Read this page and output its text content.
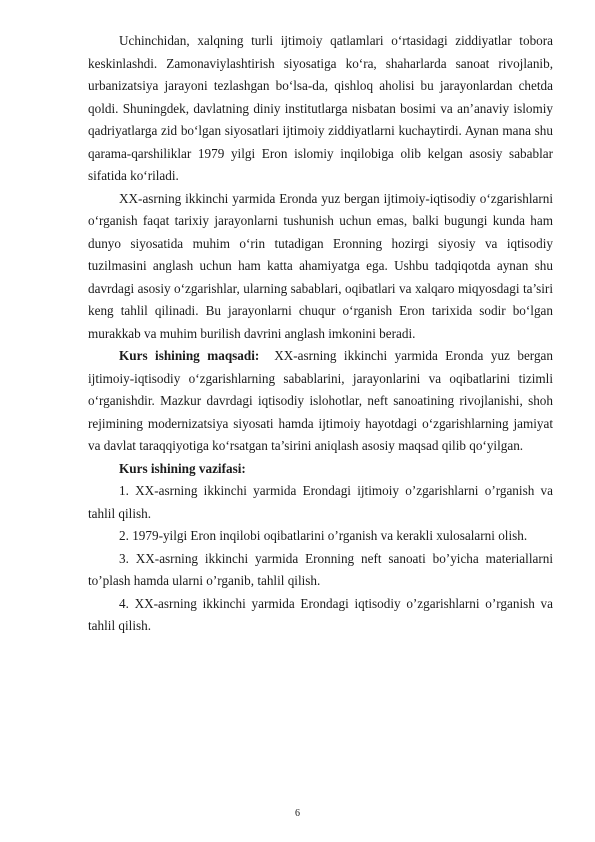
Uchinchidan, xalqning turli ijtimoiy qatlamlari o‘rtasidagi ziddiyatlar tobora keskinlashdi. Zamonaviylashtirish siyosatiga ko‘ra, shaharlarda sanoat rivojlanib, urbanizatsiya jarayoni tezlashgan bo‘lsa-da, qishloq aholisi bu jarayonlardan chetda qoldi. Shuningdek, davlatning diniy institutlarga nisbatan bosimi va an’anaviy islomiy qadriyatlarga zid bo‘lgan siyosatlari ijtimoiy ziddiyatlarni kuchaytirdi. Aynan mana shu qarama-qarshiliklar 1979 yilgi Eron islomiy inqilobiga olib kelgan asosiy sabablar sifatida ko‘riladi.

XX-asrning ikkinchi yarmida Eronda yuz bergan ijtimoiy-iqtisodiy o‘zgarishlarni o‘rganish faqat tarixiy jarayonlarni tushunish uchun emas, balki bugungi kunda ham dunyo siyosatida muhim o‘rin tutadigan Eronning hozirgi siyosiy va iqtisodiy tuzilmasini anglash uchun ham katta ahamiyatga ega. Ushbu tadqiqotda aynan shu davrdagi asosiy o‘zgarishlar, ularning sabablari, oqibatlari va xalqaro miqyosdagi ta’siri keng tahlil qilinadi. Bu jarayonlarni chuqur o‘rganish Eron tarixida sodir bo‘lgan murakkab va muhim burilish davrini anglash imkonini beradi.

Kurs ishining maqsadi: XX-asrning ikkinchi yarmida Eronda yuz bergan ijtimoiy-iqtisodiy o‘zgarishlarning sabablarini, jarayonlarini va oqibatlarini tizimli o‘rganishdir. Mazkur davrdagi iqtisodiy islohotlar, neft sanoatining rivojlanishi, shoh rejimining modernizatsiya siyosati hamda ijtimoiy hayotdagi o‘zgarishlarning jamiyat va davlat taraqqiyotiga ko‘rsatgan ta’sirini aniqlash asosiy maqsad qilib qo‘yilgan.

Kurs ishining vazifasi:

1. XX-asrning ikkinchi yarmida Erondagi ijtimoiy o’zgarishlarni o’rganish va tahlil qilish.

2. 1979-yilgi Eron inqilobi oqibatlarini o’rganish va kerakli xulosalarni olish.

3. XX-asrning ikkinchi yarmida Eronning neft sanoati bo’yicha materiallarni to’plash hamda ularni o’rganib, tahlil qilish.

4. XX-asrning ikkinchi yarmida Erondagi iqtisodiy o’zgarishlarni o’rganish va tahlil qilish.

6
